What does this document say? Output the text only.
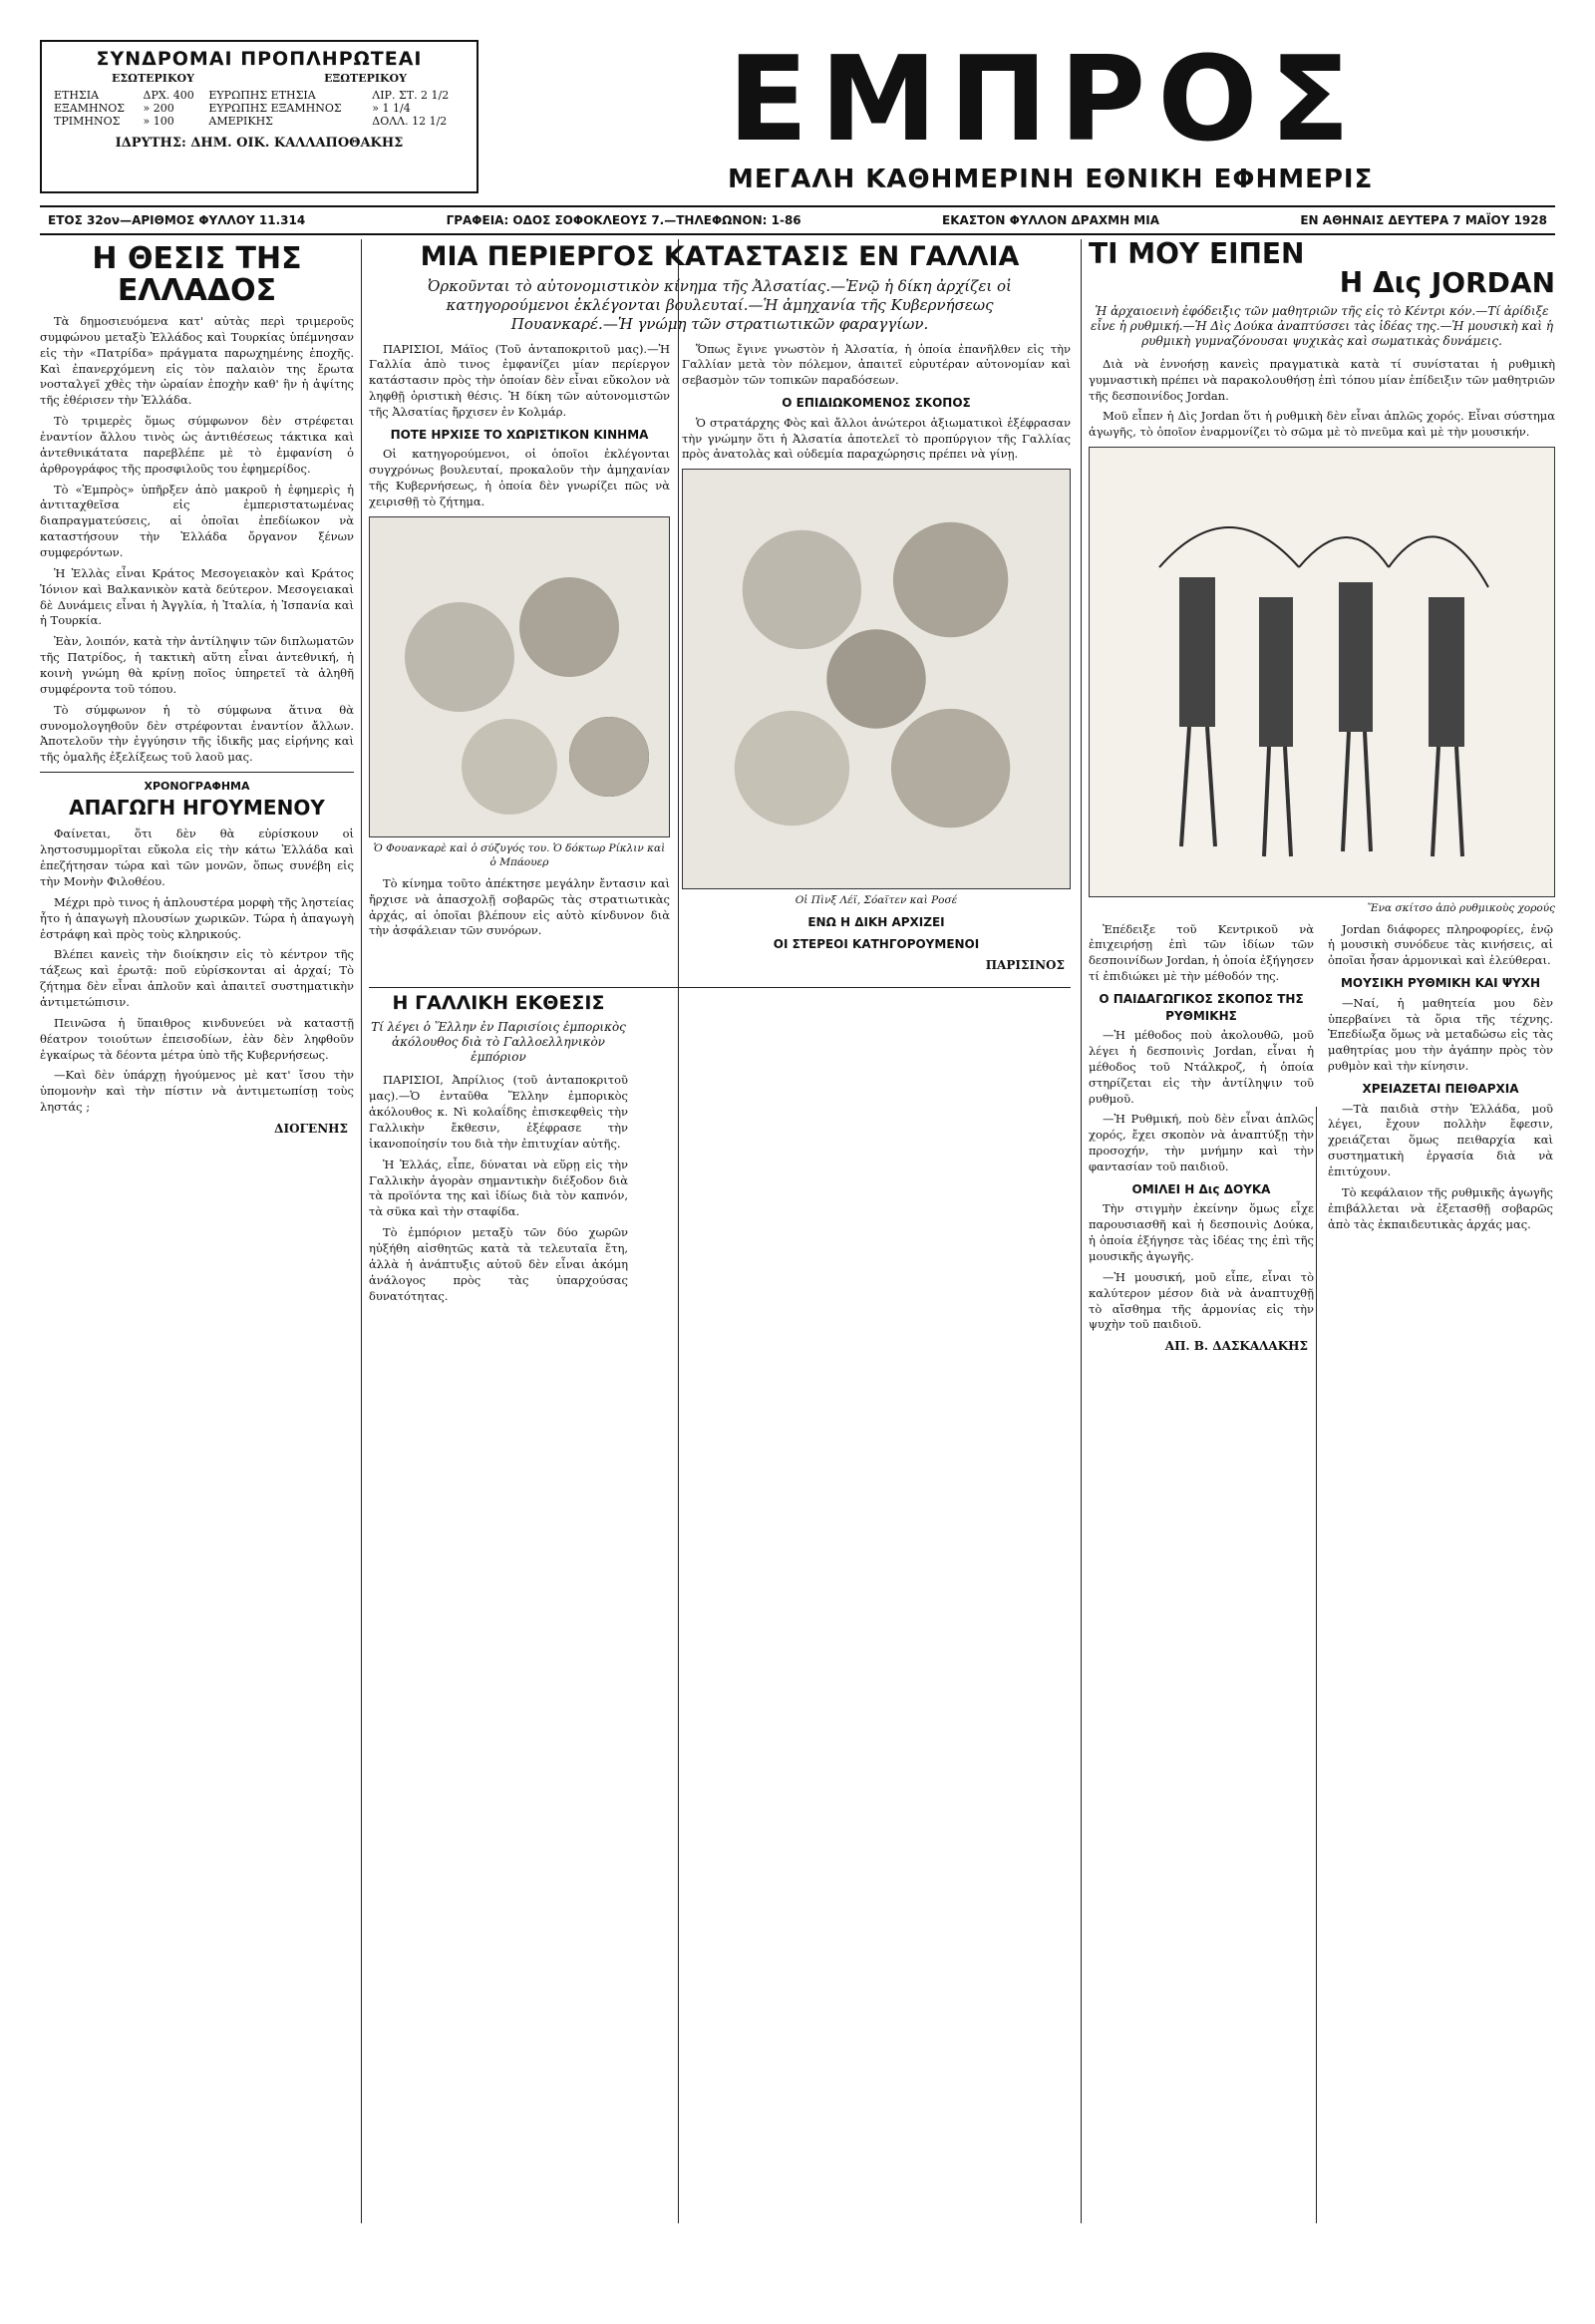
ΣΥΝΔΡΟΜΑΙ ΠΡΟΠΛΗΡΩΤΕΑΙ
ΕΣΩΤΕΡΙΚΟΥ	ΕΞΩΤΕΡΙΚΟΥ
ΕΤΗΣΙΑ	ΔΡΧ. 400	ΕΥΡΩΠΗΣ ΕΤΗΣΙΑ	ΛΙΡ. ΣΤ. 2 1/2
ΕΞΑΜΗΝΟΣ	» 200	ΕΥΡΩΠΗΣ ΕΞΑΜΗΝΟΣ	» 1 1/4
ΤΡΙΜΗΝΟΣ	» 100	ΑΜΕΡΙΚΗΣ	ΔΟΛΛ. 12 1/2
ΙΔΡΥΤΗΣ: ΔΗΜ. ΟΙΚ. ΚΑΛΛΑΠΟΘΑΚΗΣ	ΕΜΠΡΟΣ
ΜΕΓΑΛΗ ΚΑΘΗΜΕΡΙΝΗ ΕΘΝΙΚΗ ΕΦΗΜΕΡΙΣ
ΕΤΟΣ 32ον—ΑΡΙΘΜΟΣ ΦΥΛΛΟΥ 11.314	ΓΡΑΦΕΙΑ: ΟΔΟΣ ΣΟΦΟΚΛΕΟΥΣ 7.—ΤΗΛΕΦΩΝΟΝ: 1-86	ΕΚΑΣΤΟΝ ΦΥΛΛΟΝ ΔΡΑΧΜΗ ΜΙΑ	ΕΝ ΑΘΗΝΑΙΣ ΔΕΥΤΕΡΑ 7 ΜΑΪΟΥ 1928
Η ΘΕΣΙΣ ΤΗΣ ΕΛΛΑΔΟΣ

Τὰ δημοσιευόμενα κατ' αὐτὰς περὶ τριμεροῦς συμφώνου μεταξὺ Ἑλλάδος καὶ Τουρκίας ὑπέμνησαν εἰς τὴν «Πατρίδα» πράγματα παρωχημένης ἐποχῆς. Καὶ ἐπανερχόμενη εἰς τὸν παλαιὸν της ἔρωτα νοσταλγεῖ χθὲς τὴν ὡραίαν ἐποχὴν καθ' ἣν ἡ ἀψίτης τῆς ἐθέρισεν τὴν Ἑλλάδα.

Τὸ τριμερὲς ὅμως σύμφωνον δὲν στρέφεται ἐναντίον ἄλλου τινὸς ὡς ἀντιθέσεως τάκτικα καὶ ἀντεθνικάτατα παρεβλέπε μὲ τὸ ἐμφανίση ὁ ἀρθρογράφος τῆς προσφιλοῦς του ἐφημερίδος.

Τὸ «Ἐμπρὸς» ὑπῆρξεν ἀπὸ μακροῦ ἡ ἐφημερὶς ἡ ἀντιταχθεῖσα εἰς ἐμπεριστατωμένας διαπραγματεύσεις, αἱ ὁποῖαι ἐπεδίωκον νὰ καταστήσουν τὴν Ἑλλάδα ὄργανον ξένων συμφερόντων.

Ἡ Ἑλλὰς εἶναι Κράτος Μεσογειακὸν καὶ Κράτος Ἰόνιον καὶ Βαλκανικὸν κατὰ δεύτερον. Μεσογειακαὶ δὲ Δυνάμεις εἶναι ἡ Ἀγγλία, ἡ Ἰταλία, ἡ Ἱσπανία καὶ ἡ Τουρκία.

Ἐὰν, λοιπόν, κατὰ τὴν ἀντίληψιν τῶν διπλωματῶν τῆς Πατρίδος, ἡ τακτικὴ αὕτη εἶναι ἀντεθνική, ἡ κοινὴ γνώμη θὰ κρίνῃ ποῖος ὑπηρετεῖ τὰ ἀληθῆ συμφέροντα τοῦ τόπου.

Τὸ σύμφωνον ἡ τὸ σύμφωνα ἅτινα θὰ συνομολογηθοῦν δὲν στρέφονται ἐναντίον ἄλλων. Ἀποτελοῦν τὴν ἐγγύησιν τῆς ἰδικῆς μας εἰρήνης καὶ τῆς ὁμαλῆς ἐξελίξεως τοῦ λαοῦ μας.

ΧΡΟΝΟΓΡΑΦΗΜΑ
ΑΠΑΓΩΓΗ ΗΓΟΥΜΕΝΟΥ

Φαίνεται, ὅτι δὲν θὰ εὑρίσκουν οἱ ληστοσυμμορῖται εὔκολα εἰς τὴν κάτω Ἑλλάδα καὶ ἐπεζήτησαν τώρα καὶ τῶν μονῶν, ὅπως συνέβη εἰς τὴν Μονὴν Φιλοθέου.

Μέχρι πρὸ τινος ἡ ἁπλουστέρα μορφὴ τῆς ληστείας ἦτο ἡ ἀπαγωγὴ πλουσίων χωρικῶν. Τώρα ἡ ἀπαγωγὴ ἐστράφη καὶ πρὸς τοὺς κληρικούς.

Βλέπει κανεὶς τὴν διοίκησιν εἰς τὸ κέντρον τῆς τάξεως καὶ ἐρωτᾷ: ποῦ εὑρίσκονται αἱ ἀρχαί; Τὸ ζήτημα δὲν εἶναι ἁπλοῦν καὶ ἀπαιτεῖ συστηματικὴν ἀντιμετώπισιν.

Πεινῶσα ἡ ὕπαιθρος κινδυνεύει νὰ καταστῇ θέατρον τοιούτων ἐπεισοδίων, ἐὰν δὲν ληφθοῦν ἐγκαίρως τὰ δέοντα μέτρα ὑπὸ τῆς Κυβερνήσεως.

—Καὶ δὲν ὑπάρχῃ ἡγούμενος μὲ κατ' ἴσου τὴν ὑπομονὴν καὶ τὴν πίστιν νὰ ἀντιμετωπίσῃ τοὺς ληστάς ;

ΔΙΟΓΕΝΗΣ
ΜΙΑ ΠΕΡΙΕΡΓΟΣ ΚΑΤΑΣΤΑΣΙΣ ΕΝ ΓΑΛΛΙΑ
Ὀρκοῦνται τὸ αὐτονομιστικὸν κίνημα τῆς Ἀλσατίας.—Ἐνῷ ἡ δίκη ἀρχίζει οἱ κατηγορούμενοι ἐκλέγονται βουλευταί.—Ἡ ἀμηχανία τῆς Κυβερνήσεως Πουανκαρέ.—Ἡ γνώμη τῶν στρατιωτικῶν φαραγγίων.

ΠΑΡΙΣΙΟΙ, Μάϊος (Τοῦ ἀνταποκριτοῦ μας).—Ἡ Γαλλία ἀπὸ τινος ἐμφανίζει μίαν περίεργον κατάστασιν πρὸς τὴν ὁποίαν δὲν εἶναι εὔκολον νὰ ληφθῇ ὁριστικὴ θέσις. Ἡ δίκη τῶν αὐτονομιστῶν τῆς Ἀλσατίας ἤρχισεν ἐν Κολμάρ.

ΠΟΤΕ ΗΡΧΙΣΕ ΤΟ ΧΩΡΙΣΤΙΚΟΝ ΚΙΝΗΜΑ

Οἱ κατηγορούμενοι, οἱ ὁποῖοι ἐκλέγονται συγχρόνως βουλευταί, προκαλοῦν τὴν ἀμηχανίαν τῆς Κυβερνήσεως, ἡ ὁποία δὲν γνωρίζει πῶς νὰ χειρισθῇ τὸ ζήτημα.

Ὁ Φουανκαρὲ καὶ ὁ σύζυγός του. Ὁ δόκτωρ Ρίκλιν καὶ ὁ Μπάουερ

Τὸ κίνημα τοῦτο ἀπέκτησε μεγάλην ἔντασιν καὶ ἤρχισε νὰ ἀπασχολῇ σοβαρῶς τὰς στρατιωτικὰς ἀρχάς, αἱ ὁποῖαι βλέπουν εἰς αὐτὸ κίνδυνον διὰ τὴν ἀσφάλειαν τῶν συνόρων.

Ὅπως ἔγινε γνωστὸν ἡ Ἀλσατία, ἡ ὁποία ἐπανῆλθεν εἰς τὴν Γαλλίαν μετὰ τὸν πόλεμον, ἀπαιτεῖ εὐρυτέραν αὐτονομίαν καὶ σεβασμὸν τῶν τοπικῶν παραδόσεων.

Ο ΕΠΙΔΙΩΚΟΜΕΝΟΣ ΣΚΟΠΟΣ

Ὁ στρατάρχης Φὸς καὶ ἄλλοι ἀνώτεροι ἀξιωματικοὶ ἐξέφρασαν τὴν γνώμην ὅτι ἡ Ἀλσατία ἀποτελεῖ τὸ προπύργιον τῆς Γαλλίας πρὸς ἀνατολὰς καὶ οὐδεμία παραχώρησις πρέπει νὰ γίνῃ.

Οἱ Πὶνξ Λέϊ, Σόαϊτεν καὶ Ροσέ
ΕΝΩ Η ΔΙΚΗ ΑΡΧΙΖΕΙ
ΟΙ ΣΤΕΡΕΟΙ ΚΑΤΗΓΟΡΟΥΜΕΝΟΙ
ΠΑΡΙΣΙΝΟΣ
Η ΓΑΛΛΙΚΗ ΕΚΘΕΣΙΣ
Τί λέγει ὁ Ἕλλην ἐν Παρισίοις ἐμπορικὸς ἀκόλουθος διὰ τὸ Γαλλοελληνικὸν ἐμπόριον

ΠΑΡΙΣΙΟΙ, Ἀπρίλιος (τοῦ ἀνταποκριτοῦ μας).—Ὁ ἐνταῦθα Ἕλλην ἐμπορικὸς ἀκόλουθος κ. Νὶ κολαΐδης ἐπισκεφθεὶς τὴν Γαλλικὴν ἔκθεσιν, ἐξέφρασε τὴν ἱκανοποίησίν του διὰ τὴν ἐπιτυχίαν αὐτῆς.

Ἡ Ἑλλάς, εἶπε, δύναται νὰ εὕρῃ εἰς τὴν Γαλλικὴν ἀγορὰν σημαντικὴν διέξοδον διὰ τὰ προϊόντα της καὶ ἰδίως διὰ τὸν καπνόν, τὰ σῦκα καὶ τὴν σταφίδα.

Τὸ ἐμπόριον μεταξὺ τῶν δύο χωρῶν ηὐξήθη αἰσθητῶς κατὰ τὰ τελευταῖα ἔτη, ἀλλὰ ἡ ἀνάπτυξις αὐτοῦ δὲν εἶναι ἀκόμη ἀνάλογος πρὸς τὰς ὑπαρχούσας δυνατότητας.

ΤΙ ΜΟΥ ΕΙΠΕΝ
Η Δις JORDAN
Ἡ ἀρχαιοεινὴ ἐφόδειξις τῶν μαθητριῶν τῆς εἰς τὸ Κέντρι κόν.—Τί ἀρίδιξε εἶνε ἡ ρυθμική.—Ἡ Δὶς Δούκα ἀναπτύσσει τὰς ἰδέας της.—Ἡ μουσικὴ καὶ ἡ ρυθμικὴ γυμναζόνουσαι ψυχικὰς καὶ σωματικὰς δυνάμεις.

Διὰ νὰ ἐννοήσῃ κανεὶς πραγματικὰ κατὰ τί συνίσταται ἡ ρυθμικὴ γυμναστικὴ πρέπει νὰ παρακολουθήσῃ ἐπὶ τόπου μίαν ἐπίδειξιν τῶν μαθητριῶν τῆς δεσποινίδος Jordan.

Μοῦ εἶπεν ἡ Δὶς Jordan ὅτι ἡ ρυθμικὴ δὲν εἶναι ἁπλῶς χορός. Εἶναι σύστημα ἀγωγῆς, τὸ ὁποῖον ἐναρμονίζει τὸ σῶμα μὲ τὸ πνεῦμα καὶ μὲ τὴν μουσικήν.

Ἕνα σκίτσο ἀπὸ ρυθμικοὺς χορούς

Ἐπέδειξε τοῦ Κεντρικοῦ νὰ ἐπιχειρήσῃ ἐπὶ τῶν ἰδίων τῶν δεσποινίδων Jordan, ἡ ὁποία ἐξήγησεν τί ἐπιδιώκει μὲ τὴν μέθοδόν της.

Ο ΠΑΙΔΑΓΩΓΙΚΟΣ ΣΚΟΠΟΣ ΤΗΣ ΡΥΘΜΙΚΗΣ

—Ἡ μέθοδος ποὺ ἀκολουθῶ, μοῦ λέγει ἡ δεσποινὶς Jordan, εἶναι ἡ μέθοδος τοῦ Ντάλκροζ, ἡ ὁποία στηρίζεται εἰς τὴν ἀντίληψιν τοῦ ρυθμοῦ.

—Ἡ Ρυθμική, ποὺ δὲν εἶναι ἁπλῶς χορός, ἔχει σκοπὸν νὰ ἀναπτύξῃ τὴν προσοχήν, τὴν μνήμην καὶ τὴν φαντασίαν τοῦ παιδιοῦ.

ΟΜΙΛΕΙ Η Δις ΔΟΥΚΑ

Τὴν στιγμὴν ἐκείνην ὅμως εἶχε παρουσιασθῆ καὶ ἡ δεσποινὶς Δούκα, ἡ ὁποία ἐξήγησε τὰς ἰδέας της ἐπὶ τῆς μουσικῆς ἀγωγῆς.

—Ἡ μουσική, μοῦ εἶπε, εἶναι τὸ καλύτερον μέσον διὰ νὰ ἀναπτυχθῇ τὸ αἴσθημα τῆς ἁρμονίας εἰς τὴν ψυχὴν τοῦ παιδιοῦ.

ΑΠ. Β. ΔΑΣΚΑΛΑΚΗΣ

Jordan διάφορες πληροφορίες, ἐνῷ ἡ μουσικὴ συνόδευε τὰς κινήσεις, αἱ ὁποῖαι ἦσαν ἁρμονικαὶ καὶ ἐλεύθεραι.

ΜΟΥΣΙΚΗ ΡΥΘΜΙΚΗ ΚΑΙ ΨΥΧΗ

—Ναί, ἡ μαθητεία μου δὲν ὑπερβαίνει τὰ ὅρια τῆς τέχνης. Ἐπεδίωξα ὅμως νὰ μεταδώσω εἰς τὰς μαθητρίας μου τὴν ἀγάπην πρὸς τὸν ρυθμὸν καὶ τὴν κίνησιν.

ΧΡΕΙΑΖΕΤΑΙ ΠΕΙΘΑΡΧΙΑ

—Τὰ παιδιὰ στὴν Ἑλλάδα, μοῦ λέγει, ἔχουν πολλὴν ἔφεσιν, χρειάζεται ὅμως πειθαρχία καὶ συστηματικὴ ἐργασία διὰ νὰ ἐπιτύχουν.

Τὸ κεφάλαιον τῆς ρυθμικῆς ἀγωγῆς ἐπιβάλλεται νὰ ἐξετασθῇ σοβαρῶς ἀπὸ τὰς ἐκπαιδευτικὰς ἀρχάς μας.
